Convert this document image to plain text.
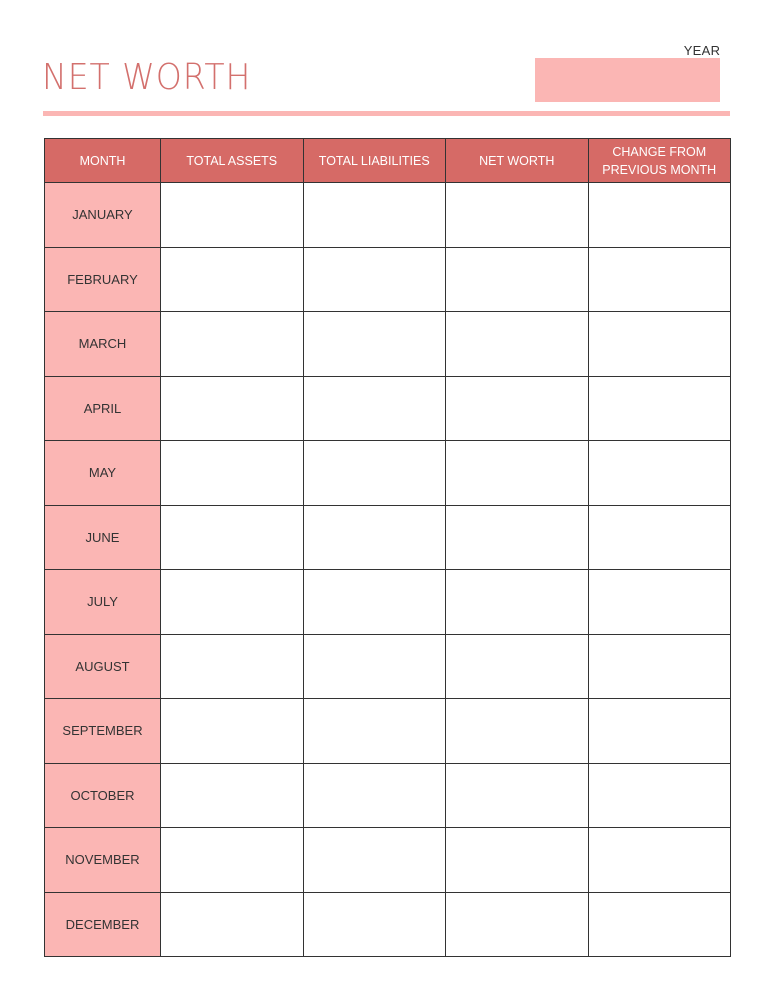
YEAR
NET WORTH
MONTH	TOTAL ASSETS	TOTAL LIABILITIES	NET WORTH	CHANGE FROM PREVIOUS MONTH
JANUARY				
FEBRUARY				
MARCH				
APRIL				
MAY				
JUNE				
JULY				
AUGUST				
SEPTEMBER				
OCTOBER				
NOVEMBER				
DECEMBER				
